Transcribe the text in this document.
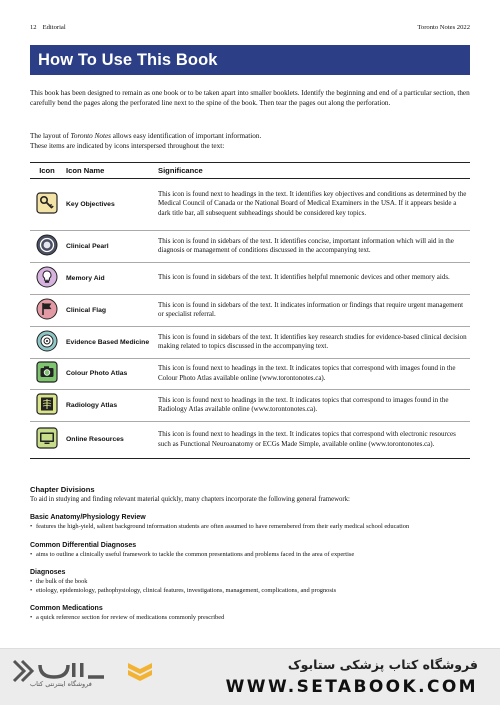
12 Editorial	Toronto Notes 2022
How To Use This Book

This book has been designed to remain as one book or to be taken apart into smaller booklets. Identify the beginning and end of a particular section, then carefully bend the pages along the perforated line next to the spine of the book. Then tear the pages out along the perforation.

The layout of Toronto Notes allows easy identification of important information.
These items are indicated by icons interspersed throughout the text:

Icon	Icon Name	Significance
	Key Objectives	This icon is found next to headings in the text. It identifies key objectives and conditions as determined by the Medical Council of Canada or the National Board of Medical Examiners in the USA. If it appears beside a dark title bar, all subsequent subheadings should be considered key topics.
	Clinical Pearl	This icon is found in sidebars of the text. It identifies concise, important information which will aid in the diagnosis or management of conditions discussed in the accompanying text.
	Memory Aid	This icon is found in sidebars of the text. It identifies helpful mnemonic devices and other memory aids.
	Clinical Flag	This icon is found in sidebars of the text. It indicates information or findings that require urgent management or specialist referral.
	Evidence Based Medicine	This icon is found in sidebars of the text. It identifies key research studies for evidence-based clinical decision making related to topics discussed in the accompanying text.
	Colour Photo Atlas	This icon is found next to headings in the text. It indicates topics that correspond with images found in the Colour Photo Atlas available online (www.torontonotes.ca).
	Radiology Atlas	This icon is found next to headings in the text. It indicates topics that correspond to images found in the Radiology Atlas available online (www.torontonotes.ca).
	Online Resources	This icon is found next to headings in the text. It indicates topics that correspond with electronic resources such as Functional Neuroanatomy or ECGs Made Simple, available online (www.torontonotes.ca).
Chapter Divisions
To aid in studying and finding relevant material quickly, many chapters incorporate the following general framework:
Basic Anatomy/Physiology Review
• features the high-yield, salient background information students are often assumed to have remembered from their early medical school education
Common Differential Diagnoses
• aims to outline a clinically useful framework to tackle the common presentations and problems faced in the area of expertise
Diagnoses
• the bulk of the book
• etiology, epidemiology, pathophysiology, clinical features, investigations, management, complications, and prognosis
Common Medications
• a quick reference section for review of medications commonly prescribed
فروشگاه اینترنتی کتاب
فروشگاه کتاب پزشکی ستابوک
WWW.SETABOOK.COM
